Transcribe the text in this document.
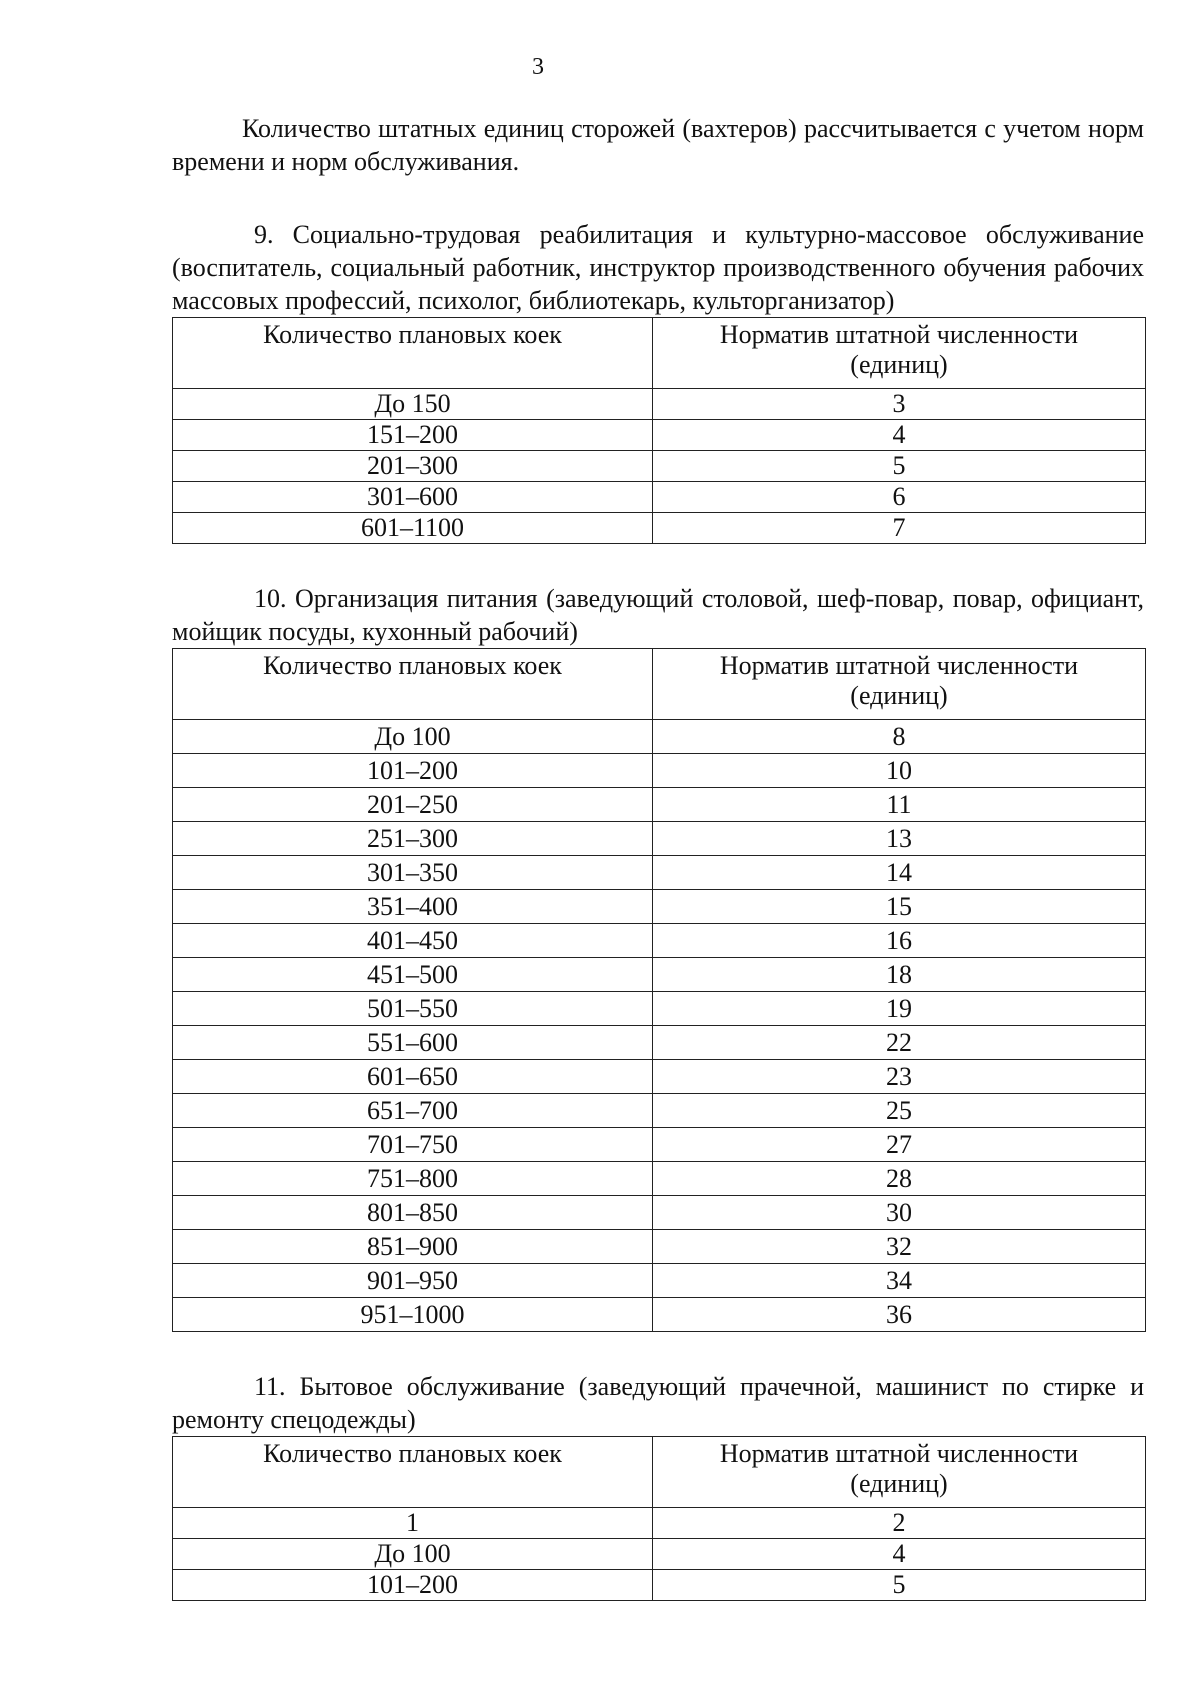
3

Количество штатных единиц сторожей (вахтеров) рассчитывается с учетом норм времени и норм обслуживания.

9. Социально-трудовая реабилитация и культурно-массовое обслуживание (воспитатель, социальный работник, инструктор производственного обучения рабочих массовых профессий, психолог, библиотекарь, культорганизатор)

Количество плановых коек	Норматив штатной численности
(единиц)

До 150	3
151–200	4
201–300	5
301–600	6
601–1100	7

10. Организация питания (заведующий столовой, шеф-повар, повар, официант, мойщик посуды, кухонный рабочий)

Количество плановых коек	Норматив штатной численности
(единиц)

До 100	8
101–200	10
201–250	11
251–300	13
301–350	14
351–400	15
401–450	16
451–500	18
501–550	19
551–600	22
601–650	23
651–700	25
701–750	27
751–800	28
801–850	30
851–900	32
901–950	34
951–1000	36

11. Бытовое обслуживание (заведующий прачечной, машинист по стирке и ремонту спецодежды)

Количество плановых коек	Норматив штатной численности
(единиц)

1	2
До 100	4
101–200	5
